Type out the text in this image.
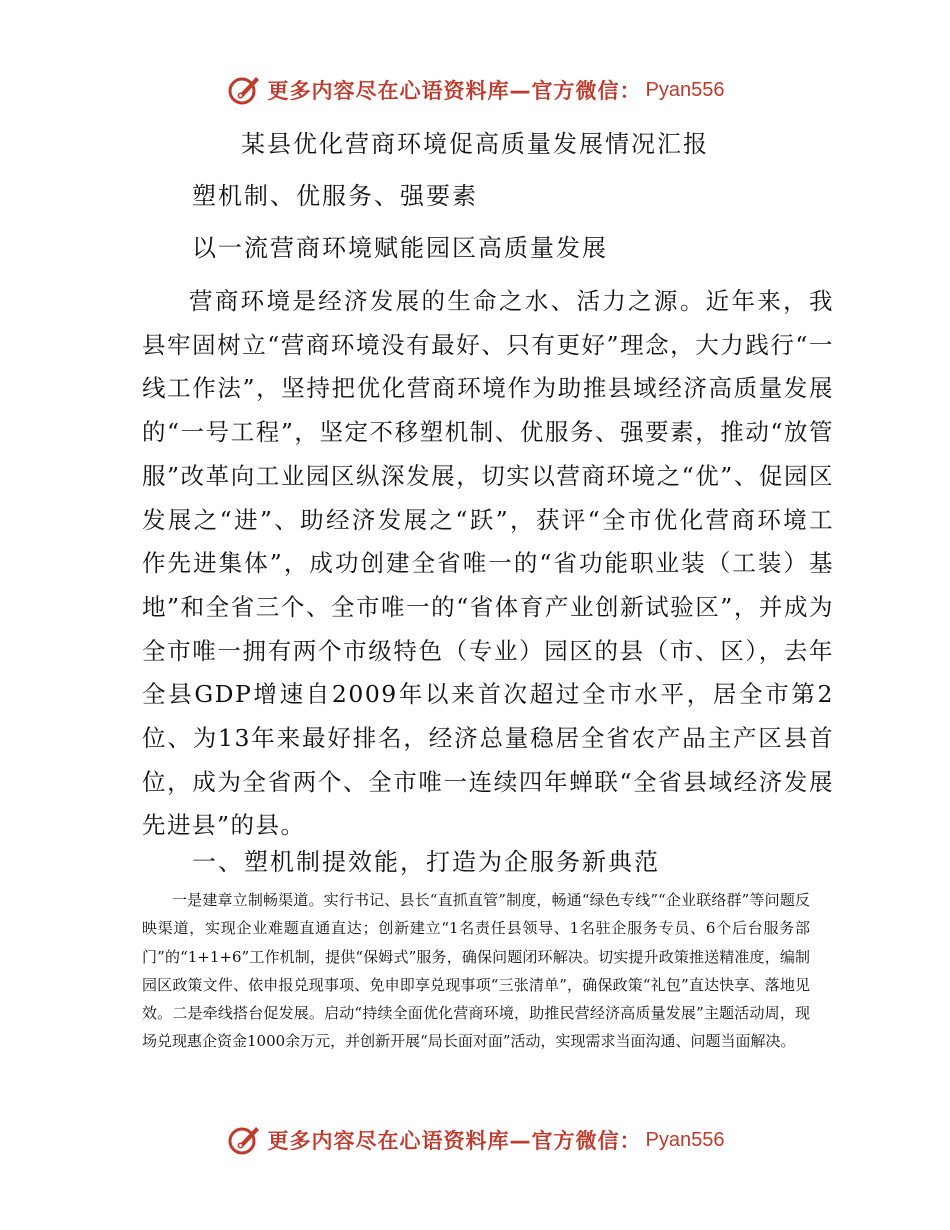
更多内容尽在心语资料库—官方微信： Pyan556
某县优化营商环境促高质量发展情况汇报
塑机制、优服务、强要素
以一流营商环境赋能园区高质量发展

营商环境是经济发展的生命之水、活力之源。近年来，我县牢固树立“营商环境没有最好、只有更好”理念，大力践行“一线工作法”，坚持把优化营商环境作为助推县域经济高质量发展的“一号工程”，坚定不移塑机制、优服务、强要素，推动“放管服”改革向工业园区纵深发展，切实以营商环境之“优”、促园区发展之“进”、助经济发展之“跃”，获评“全市优化营商环境工作先进集体”，成功创建全省唯一的“省功能职业装（工装）基地”和全省三个、全市唯一的“省体育产业创新试验区”，并成为全市唯一拥有两个市级特色（专业）园区的县（市、区），去年全县GDP增速自2009年以来首次超过全市水平，居全市第2位、为13年来最好排名，经济总量稳居全省农产品主产区县首位，成为全省两个、全市唯一连续四年蝉联“全省县域经济发展先进县”的县。

一、塑机制提效能，打造为企服务新典范

一是建章立制畅渠道。实行书记、县长“直抓直管”制度，畅通“绿色专线”“企业联络群”等问题反映渠道，实现企业难题直通直达；创新建立“1名责任县领导、1名驻企服务专员、6个后台服务部门”的“1+1+6”工作机制，提供“保姆式”服务，确保问题闭环解决。切实提升政策推送精准度，编制园区政策文件、依申报兑现事项、免申即享兑现事项“三张清单”，确保政策“礼包”直达快享、落地见效。二是牵线搭台促发展。启动“持续全面优化营商环境，助推民营经济高质量发展”主题活动周，现场兑现惠企资金1000余万元，并创新开展“局长面对面”活动，实现需求当面沟通、问题当面解决。

更多内容尽在心语资料库—官方微信： Pyan556
